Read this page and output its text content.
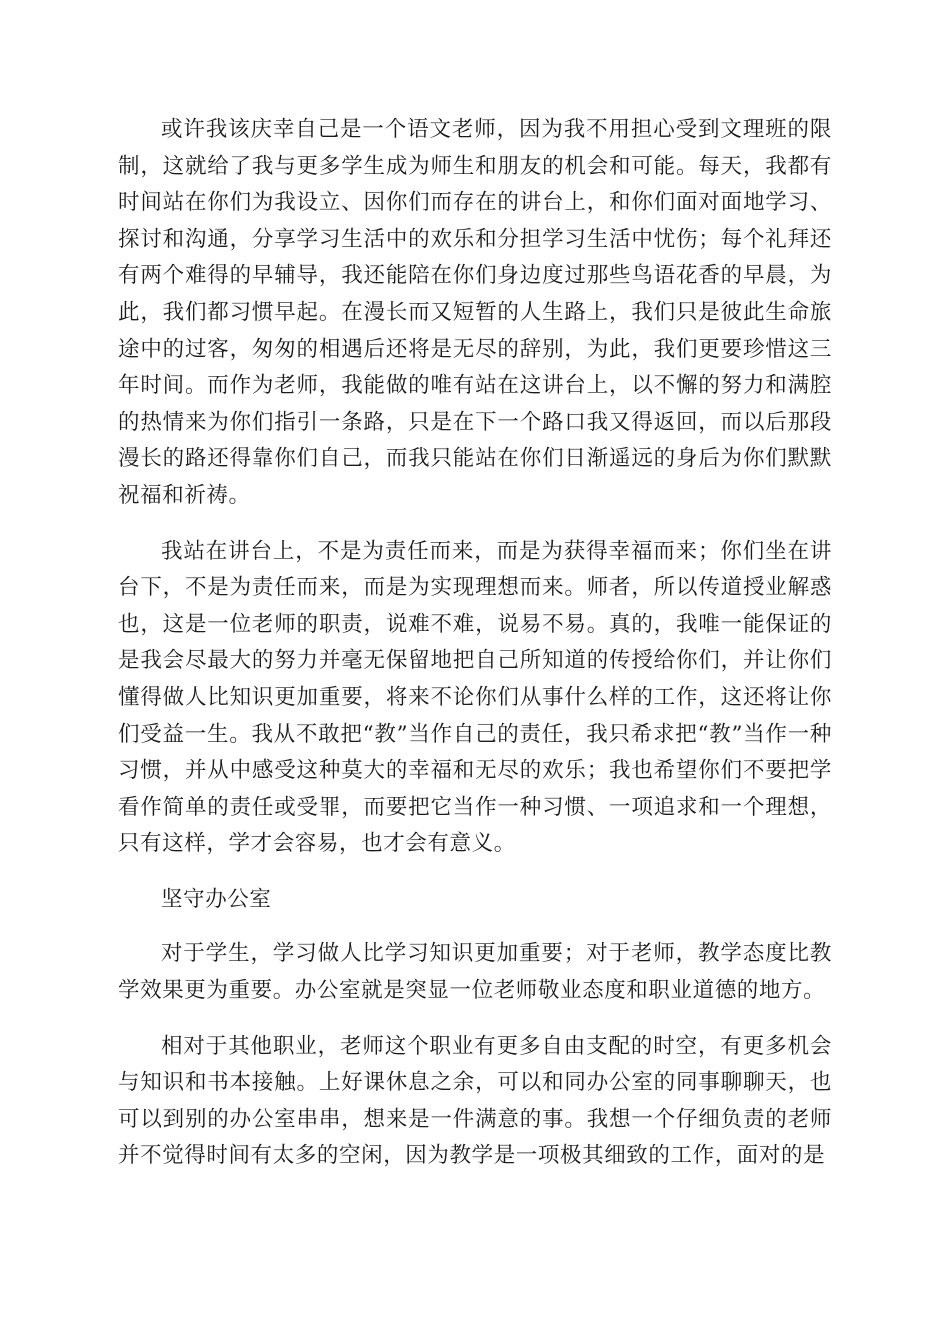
或许我该庆幸自己是一个语文老师，因为我不用担心受到文理班的限制，这就给了我与更多学生成为师生和朋友的机会和可能。每天，我都有时间站在你们为我设立、因你们而存在的讲台上，和你们面对面地学习、探讨和沟通，分享学习生活中的欢乐和分担学习生活中忧伤；每个礼拜还有两个难得的早辅导，我还能陪在你们身边度过那些鸟语花香的早晨，为此，我们都习惯早起。在漫长而又短暂的人生路上，我们只是彼此生命旅途中的过客，匆匆的相遇后还将是无尽的辞别，为此，我们更要珍惜这三年时间。而作为老师，我能做的唯有站在这讲台上，以不懈的努力和满腔的热情来为你们指引一条路，只是在下一个路口我又得返回，而以后那段漫长的路还得靠你们自己，而我只能站在你们日渐遥远的身后为你们默默祝福和祈祷。

我站在讲台上，不是为责任而来，而是为获得幸福而来；你们坐在讲台下，不是为责任而来，而是为实现理想而来。师者，所以传道授业解惑也，这是一位老师的职责，说难不难，说易不易。真的，我唯一能保证的是我会尽最大的努力并毫无保留地把自己所知道的传授给你们，并让你们懂得做人比知识更加重要，将来不论你们从事什么样的工作，这还将让你们受益一生。我从不敢把“教”当作自己的责任，我只希求把“教”当作一种习惯，并从中感受这种莫大的幸福和无尽的欢乐；我也希望你们不要把学看作简单的责任或受罪，而要把它当作一种习惯、一项追求和一个理想，只有这样，学才会容易，也才会有意义。

坚守办公室

对于学生，学习做人比学习知识更加重要；对于老师，教学态度比教学效果更为重要。办公室就是突显一位老师敬业态度和职业道德的地方。

相对于其他职业，老师这个职业有更多自由支配的时空，有更多机会与知识和书本接触。上好课休息之余，可以和同办公室的同事聊聊天，也可以到别的办公室串串，想来是一件满意的事。我想一个仔细负责的老师并不觉得时间有太多的空闲，因为教学是一项极其细致的工作，面对的是
